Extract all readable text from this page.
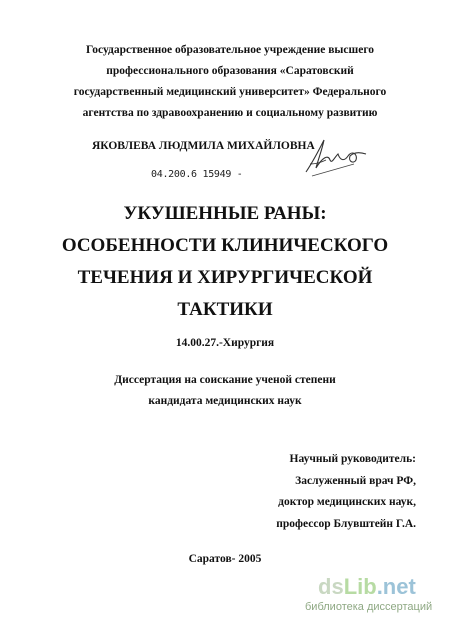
Государственное образовательное учреждение высшего
профессионального образования «Саратовский
государственный медицинский университет» Федерального
агентства по здравоохранению и социальному развитию
ЯКОВЛЕВА ЛЮДМИЛА МИХАЙЛОВНА
04.200.6 15949 -
УКУШЕННЫЕ РАНЫ:
ОСОБЕННОСТИ КЛИНИЧЕСКОГО
ТЕЧЕНИЯ И ХИРУРГИЧЕСКОЙ
ТАКТИКИ
14.00.27.-Хирургия
Диссертация на соискание ученой степени
кандидата медицинских наук
Научный руководитель:
Заслуженный врач РФ,
доктор медицинских наук,
профессор Блувштейн Г.А.
Саратов- 2005
dsLib.net
библиотека диссертаций
